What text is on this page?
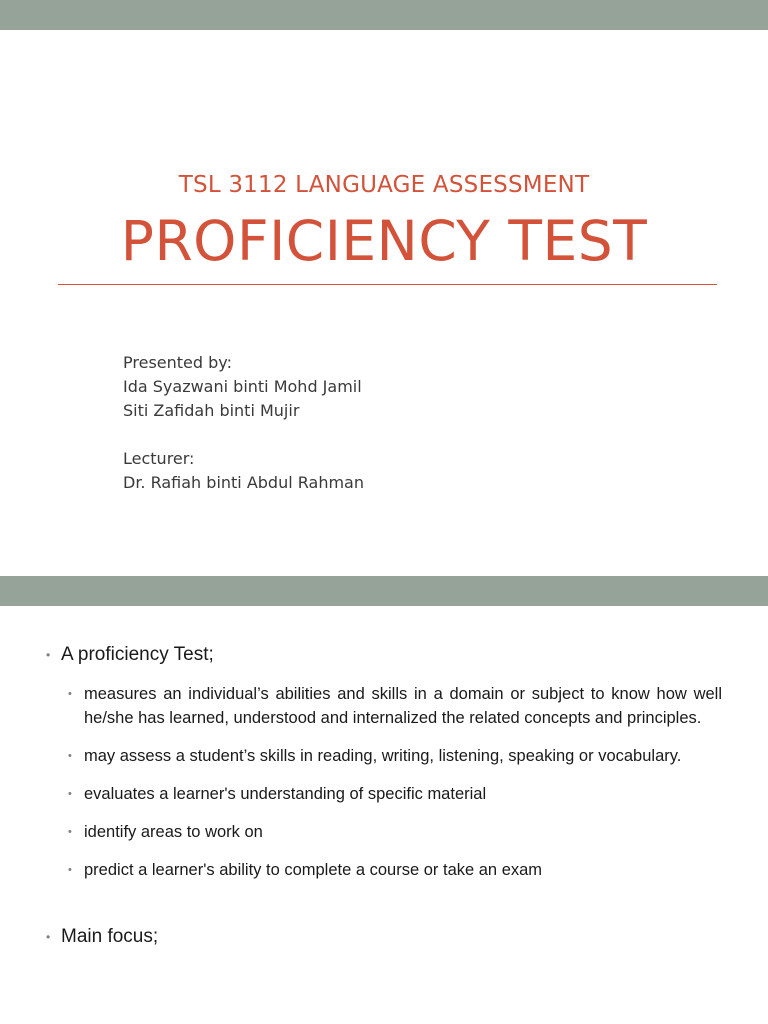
TSL 3112 LANGUAGE ASSESSMENT
PROFICIENCY TEST
Presented by:
Ida Syazwani binti Mohd Jamil
Siti Zafidah binti Mujir
Lecturer:
Dr. Rafiah binti Abdul Rahman
• A proficiency Test;
• measures an individual’s abilities and skills in a domain or subject to know how well he/she has learned, understood and internalized the related concepts and principles.
• may assess a student’s skills in reading, writing, listening, speaking or vocabulary.
• evaluates a learner's understanding of specific material
• identify areas to work on
• predict a learner's ability to complete a course or take an exam
• Main focus;
